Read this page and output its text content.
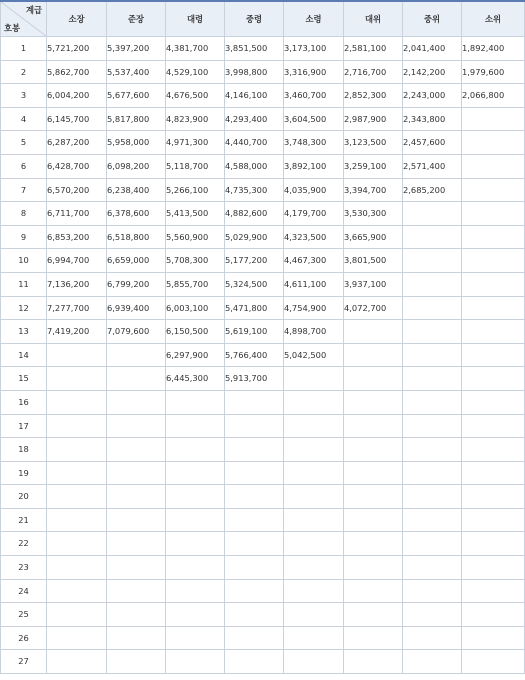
계급
호봉	소장	준장	대령	중령	소령	대위	중위	소위
1	5,721,200	5,397,200	4,381,700	3,851,500	3,173,100	2,581,100	2,041,400	1,892,400
2	5,862,700	5,537,400	4,529,100	3,998,800	3,316,900	2,716,700	2,142,200	1,979,600
3	6,004,200	5,677,600	4,676,500	4,146,100	3,460,700	2,852,300	2,243,000	2,066,800
4	6,145,700	5,817,800	4,823,900	4,293,400	3,604,500	2,987,900	2,343,800	
5	6,287,200	5,958,000	4,971,300	4,440,700	3,748,300	3,123,500	2,457,600	
6	6,428,700	6,098,200	5,118,700	4,588,000	3,892,100	3,259,100	2,571,400	
7	6,570,200	6,238,400	5,266,100	4,735,300	4,035,900	3,394,700	2,685,200	
8	6,711,700	6,378,600	5,413,500	4,882,600	4,179,700	3,530,300		
9	6,853,200	6,518,800	5,560,900	5,029,900	4,323,500	3,665,900		
10	6,994,700	6,659,000	5,708,300	5,177,200	4,467,300	3,801,500		
11	7,136,200	6,799,200	5,855,700	5,324,500	4,611,100	3,937,100		
12	7,277,700	6,939,400	6,003,100	5,471,800	4,754,900	4,072,700		
13	7,419,200	7,079,600	6,150,500	5,619,100	4,898,700			
14			6,297,900	5,766,400	5,042,500			
15			6,445,300	5,913,700				
16								
17								
18								
19								
20								
21								
22								
23								
24								
25								
26								
27								
